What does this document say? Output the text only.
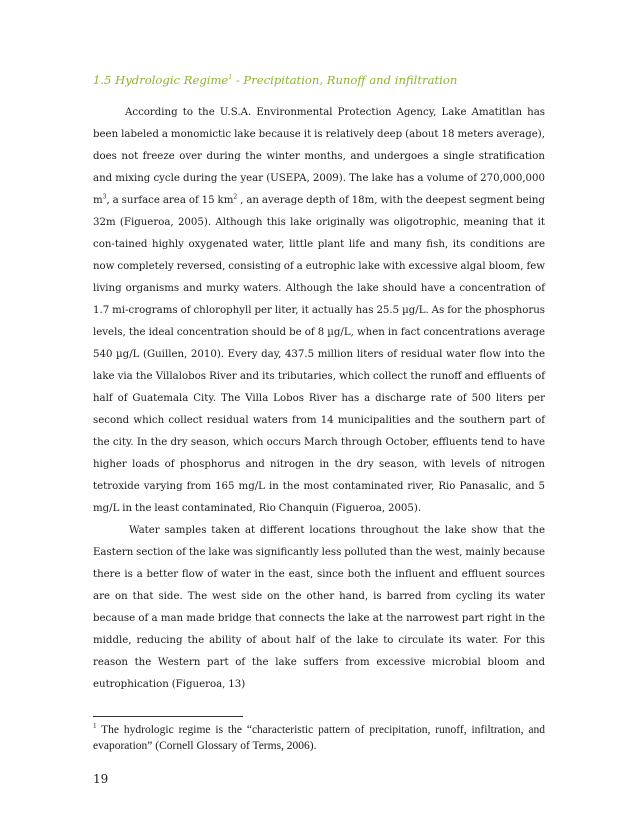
1.5 Hydrologic Regime$^1$ - Precipitation, Runoff and infiltration

According to the U.S.A. Environmental Protection Agency, Lake Amatitlan has been labeled a monomictic lake because it is relatively deep (about 18 meters average), does not freeze over during the winter months, and undergoes a single stratification and mixing cycle during the year (USEPA, 2009). The lake has a volume of 270,000,000 $m^3$, a surface area of 15 $km^2$ , an average depth of 18m, with the deepest segment being 32m (Figueroa, 2005). Although this lake originally was oligotrophic, meaning that it con-tained highly oxygenated water, little plant life and many fish, its conditions are now completely reversed, consisting of a eutrophic lake with excessive algal bloom, few living organisms and murky waters. Although the lake should have a concentration of 1.7 mi-crograms of chlorophyll per liter, it actually has 25.5 µg/L. As for the phosphorus levels, the ideal concentration should be of 8 µg/L, when in fact concentrations average 540 µg/L (Guillen, 2010). Every day, 437.5 million liters of residual water flow into the lake via the Villalobos River and its tributaries, which collect the runoff and effluents of half of Guatemala City. The Villa Lobos River has a discharge rate of 500 liters per second which collect residual waters from 14 municipalities and the southern part of the city. In the dry season, which occurs March through October, effluents tend to have higher loads of phosphorus and nitrogen in the dry season, with levels of nitrogen tetroxide varying from 165 mg/L in the most contaminated river, Rio Panasalic, and 5 mg/L in the least contaminated, Rio Chanquin (Figueroa, 2005).

Water samples taken at different locations throughout the lake show that the Eastern section of the lake was significantly less polluted than the west, mainly because there is a better flow of water in the east, since both the influent and effluent sources are on that side. The west side on the other hand, is barred from cycling its water because of a man made bridge that connects the lake at the narrowest part right in the middle, reducing the ability of about half of the lake to circulate its water. For this reason the Western part of the lake suffers from excessive microbial bloom and eutrophication (Figueroa, 13)

$^1$ The hydrologic regime is the “characteristic pattern of precipitation, runoff, infiltration, and evaporation” (Cornell Glossary of Terms, 2006).

19
